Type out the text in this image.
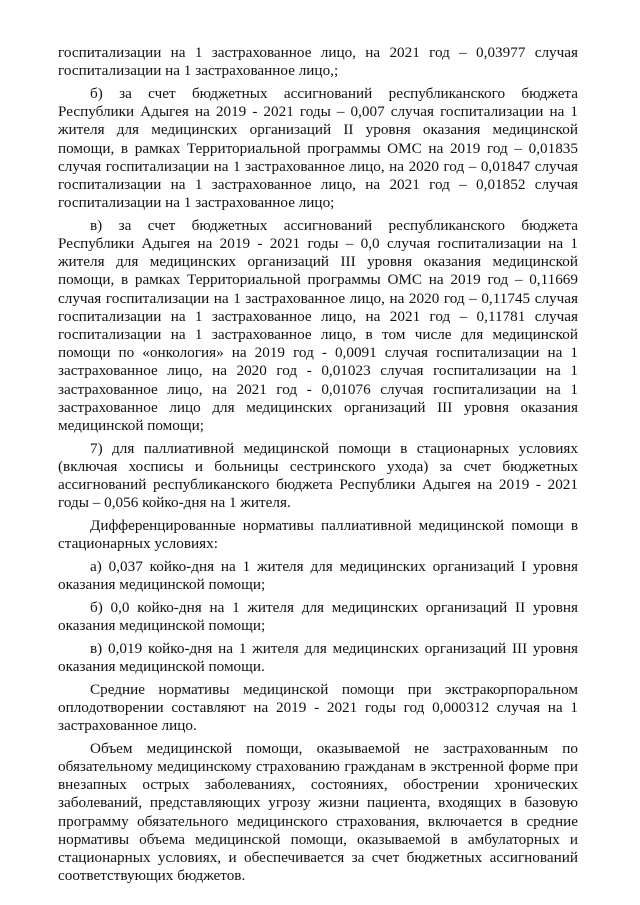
госпитализации на 1 застрахованное лицо, на 2021 год – 0,03977 случая госпитализации на 1 застрахованное лицо,;

б) за счет бюджетных ассигнований республиканского бюджета Республики Адыгея на 2019 - 2021 годы – 0,007 случая госпитализации на 1 жителя для медицинских организаций II уровня оказания медицинской помощи, в рамках Территориальной программы ОМС на 2019 год – 0,01835 случая госпитализации на 1 застрахованное лицо, на 2020 год – 0,01847 случая госпитализации на 1 застрахованное лицо, на 2021 год – 0,01852 случая госпитализации на 1 застрахованное лицо;

в) за счет бюджетных ассигнований республиканского бюджета Республики Адыгея на 2019 - 2021 годы – 0,0 случая госпитализации на 1 жителя для медицинских организаций III уровня оказания медицинской помощи, в рамках Территориальной программы ОМС на 2019 год – 0,11669 случая госпитализации на 1 застрахованное лицо, на 2020 год – 0,11745 случая госпитализации на 1 застрахованное лицо, на 2021 год – 0,11781 случая госпитализации на 1 застрахованное лицо, в том числе для медицинской помощи по «онкология» на 2019 год - 0,0091 случая госпитализации на 1 застрахованное лицо, на 2020 год - 0,01023 случая госпитализации на 1 застрахованное лицо, на 2021 год - 0,01076 случая госпитализации на 1 застрахованное лицо для медицинских организаций III уровня оказания медицинской помощи;

7) для паллиативной медицинской помощи в стационарных условиях (включая хосписы и больницы сестринского ухода) за счет бюджетных ассигнований республиканского бюджета Республики Адыгея на 2019 - 2021 годы – 0,056 койко-дня на 1 жителя.

Дифференцированные нормативы паллиативной медицинской помощи в стационарных условиях:

а) 0,037 койко-дня на 1 жителя для медицинских организаций I уровня оказания медицинской помощи;

б) 0,0 койко-дня на 1 жителя для медицинских организаций II уровня оказания медицинской помощи;

в) 0,019 койко-дня на 1 жителя для медицинских организаций III уровня оказания медицинской помощи.

Средние нормативы медицинской помощи при экстракорпоральном оплодотворении составляют на 2019 - 2021 годы год 0,000312 случая на 1 застрахованное лицо.

Объем медицинской помощи, оказываемой не застрахованным по обязательному медицинскому страхованию гражданам в экстренной форме при внезапных острых заболеваниях, состояниях, обострении хронических заболеваний, представляющих угрозу жизни пациента, входящих в базовую программу обязательного медицинского страхования, включается в средние нормативы объема медицинской помощи, оказываемой в амбулаторных и стационарных условиях, и обеспечивается за счет бюджетных ассигнований соответствующих бюджетов.
